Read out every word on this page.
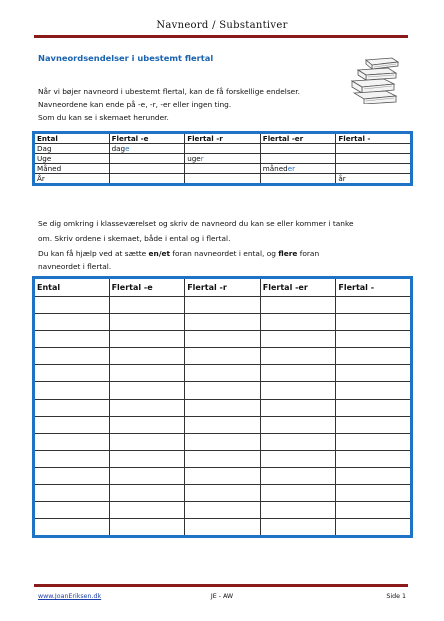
Navneord / Substantiver
Navneordsendelser i ubestemt flertal
Når vi bøjer navneord i ubestemt flertal, kan de få forskellige endelser.
Navneordene kan ende på -e, -r, -er eller ingen ting.
Som du kan se i skemaet herunder.
Ental	Flertal -e	Flertal -r	Flertal -er	Flertal -
Dag	dage			
Uge		uger		
Måned			måneder	
År				år
Se dig omkring i klasseværelset og skriv de navneord du kan se eller kommer i tanke
om. Skriv ordene i skemaet, både i ental og i flertal.
Du kan få hjælp ved at sætte en/et foran navneordet i ental, og flere foran
navneordet i flertal.
Ental	Flertal -e	Flertal -r	Flertal -er	Flertal -

www.JoanEriksen.dk	JE - AW	Side 1
